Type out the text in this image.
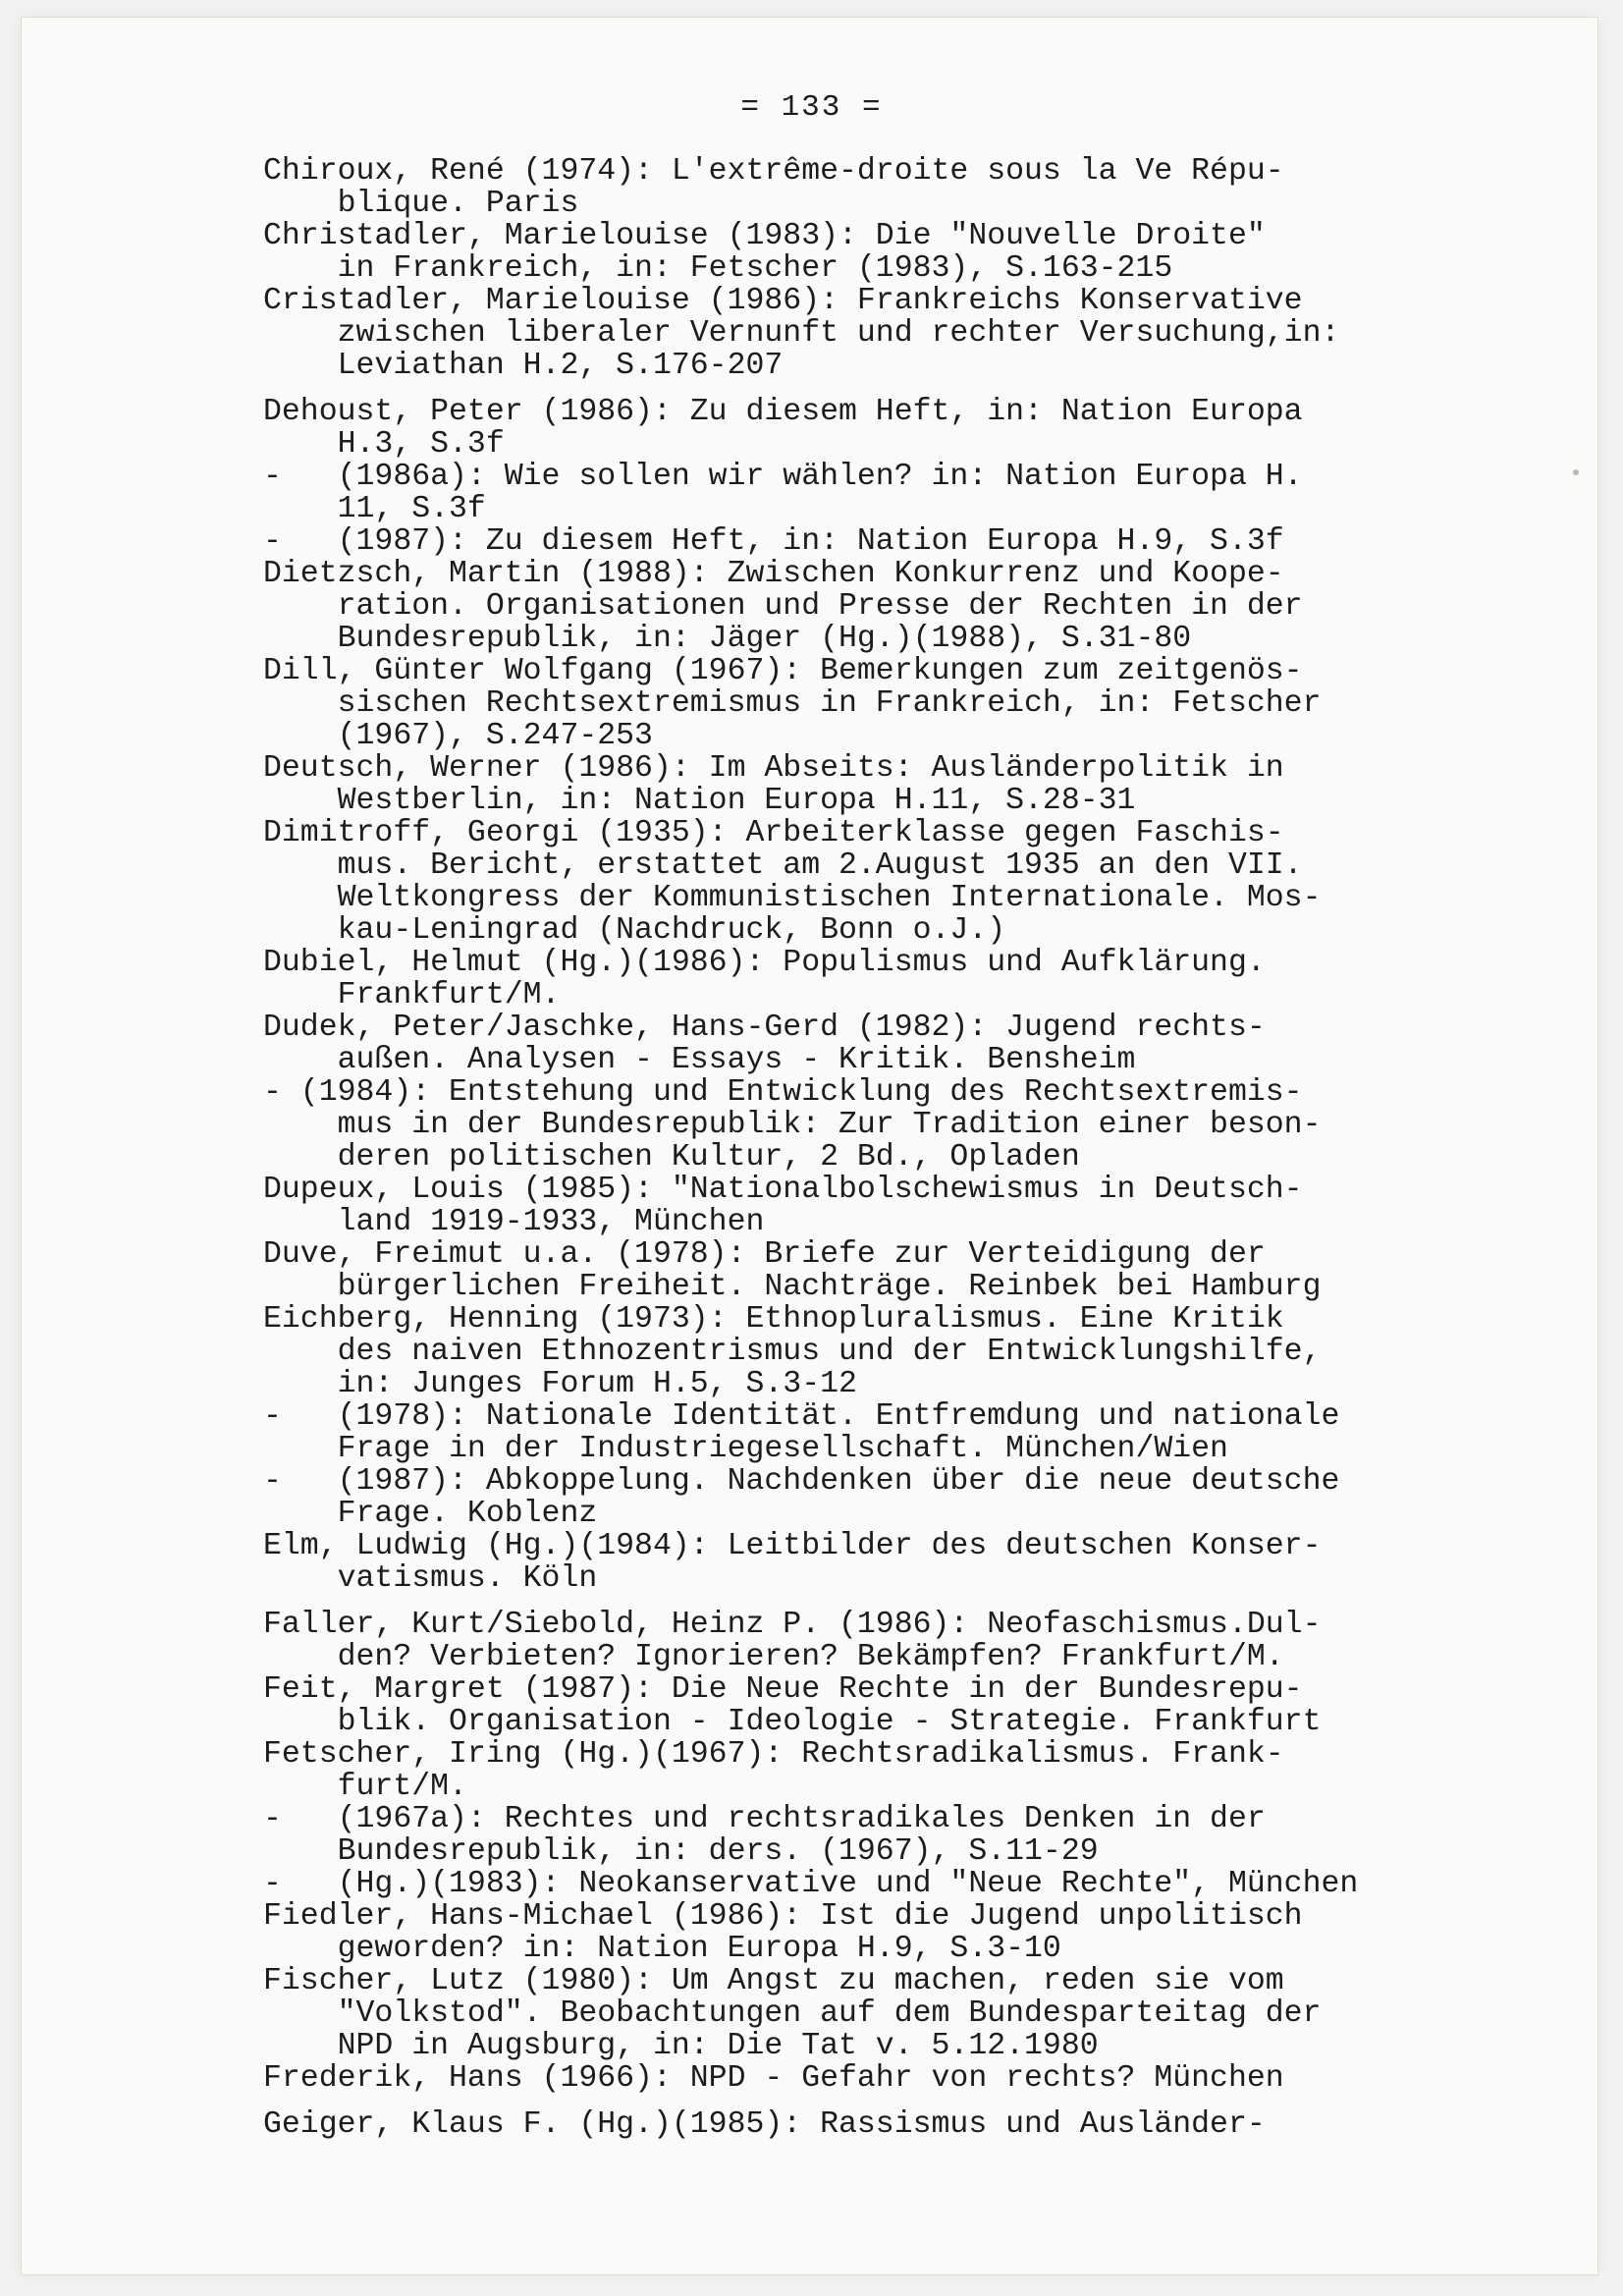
= 133 =
Chiroux, René (1974): L'extrême-droite sous la Ve Répu-
blique. Paris
Christadler, Marielouise (1983): Die "Nouvelle Droite"
in Frankreich, in: Fetscher (1983), S.163-215
Cristadler, Marielouise (1986): Frankreichs Konservative
zwischen liberaler Vernunft und rechter Versuchung,in:
Leviathan H.2, S.176-207
Dehoust, Peter (1986): Zu diesem Heft, in: Nation Europa
H.3, S.3f
-   (1986a): Wie sollen wir wählen? in: Nation Europa H.
11, S.3f
-   (1987): Zu diesem Heft, in: Nation Europa H.9, S.3f
Dietzsch, Martin (1988): Zwischen Konkurrenz und Koope-
ration. Organisationen und Presse der Rechten in der
Bundesrepublik, in: Jäger (Hg.)(1988), S.31-80
Dill, Günter Wolfgang (1967): Bemerkungen zum zeitgenös-
sischen Rechtsextremismus in Frankreich, in: Fetscher
(1967), S.247-253
Deutsch, Werner (1986): Im Abseits: Ausländerpolitik in
Westberlin, in: Nation Europa H.11, S.28-31
Dimitroff, Georgi (1935): Arbeiterklasse gegen Faschis-
mus. Bericht, erstattet am 2.August 1935 an den VII.
Weltkongress der Kommunistischen Internationale. Mos-
kau-Leningrad (Nachdruck, Bonn o.J.)
Dubiel, Helmut (Hg.)(1986): Populismus und Aufklärung.
Frankfurt/M.
Dudek, Peter/Jaschke, Hans-Gerd (1982): Jugend rechts-
außen. Analysen - Essays - Kritik. Bensheim
- (1984): Entstehung und Entwicklung des Rechtsextremis-
mus in der Bundesrepublik: Zur Tradition einer beson-
deren politischen Kultur, 2 Bd., Opladen
Dupeux, Louis (1985): "Nationalbolschewismus in Deutsch-
land 1919-1933, München
Duve, Freimut u.a. (1978): Briefe zur Verteidigung der
bürgerlichen Freiheit. Nachträge. Reinbek bei Hamburg
Eichberg, Henning (1973): Ethnopluralismus. Eine Kritik
des naiven Ethnozentrismus und der Entwicklungshilfe,
in: Junges Forum H.5, S.3-12
-   (1978): Nationale Identität. Entfremdung und nationale
Frage in der Industriegesellschaft. München/Wien
-   (1987): Abkoppelung. Nachdenken über die neue deutsche
Frage. Koblenz
Elm, Ludwig (Hg.)(1984): Leitbilder des deutschen Konser-
vatismus. Köln
Faller, Kurt/Siebold, Heinz P. (1986): Neofaschismus.Dul-
den? Verbieten? Ignorieren? Bekämpfen? Frankfurt/M.
Feit, Margret (1987): Die Neue Rechte in der Bundesrepu-
blik. Organisation - Ideologie - Strategie. Frankfurt
Fetscher, Iring (Hg.)(1967): Rechtsradikalismus. Frank-
furt/M.
-   (1967a): Rechtes und rechtsradikales Denken in der
Bundesrepublik, in: ders. (1967), S.11-29
-   (Hg.)(1983): Neokanservative und "Neue Rechte", München
Fiedler, Hans-Michael (1986): Ist die Jugend unpolitisch
geworden? in: Nation Europa H.9, S.3-10
Fischer, Lutz (1980): Um Angst zu machen, reden sie vom
"Volkstod". Beobachtungen auf dem Bundesparteitag der
NPD in Augsburg, in: Die Tat v. 5.12.1980
Frederik, Hans (1966): NPD - Gefahr von rechts? München
Geiger, Klaus F. (Hg.)(1985): Rassismus und Ausländer-
